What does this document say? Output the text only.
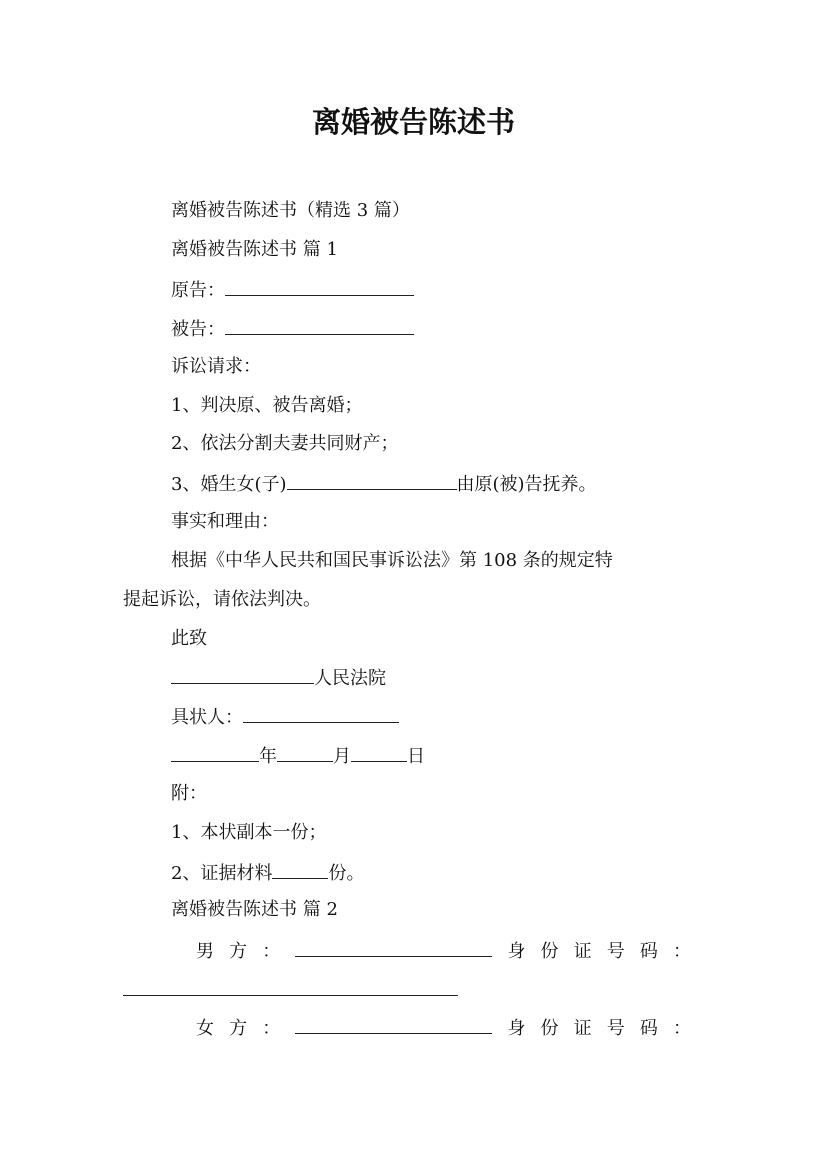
离婚被告陈述书
离婚被告陈述书（精选 3 篇）
离婚被告陈述书 篇 1
原告：
被告：
诉讼请求：
1、判决原、被告离婚；
2、依法分割夫妻共同财产；
3、婚生女(子)	由原(被)告抚养。
事实和理由：
根据《中华人民共和国民事诉讼法》第 108 条的规定特
提起诉讼，请依法判决。
此致
人民法院
具状人：
年	月	日
附：
1、本状副本一份；
2、证据材料	份。
离婚被告陈述书 篇 2
男 方 ：	身 份 证 号 码 ：
女 方 ：	身 份 证 号 码 ：
